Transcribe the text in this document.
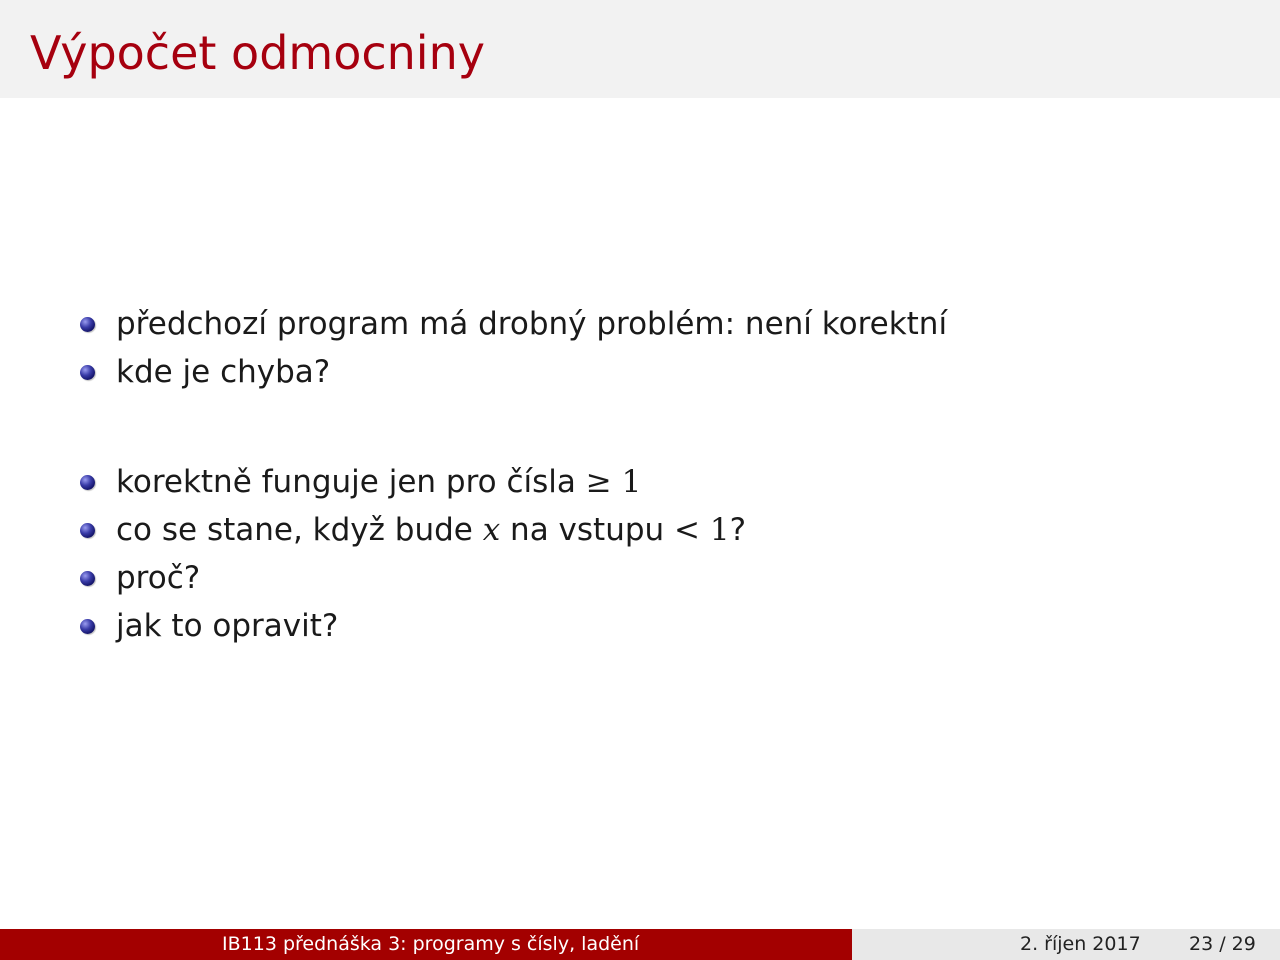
Výpočet odmocniny
předchozí program má drobný problém: není korektní
kde je chyba?
korektně funguje jen pro čísla ≥ 1
co se stane, když bude x na vstupu < 1?
proč?
jak to opravit?
IB113 přednáška 3: programy s čísly, ladění	2. říjen 2017	23 / 29
